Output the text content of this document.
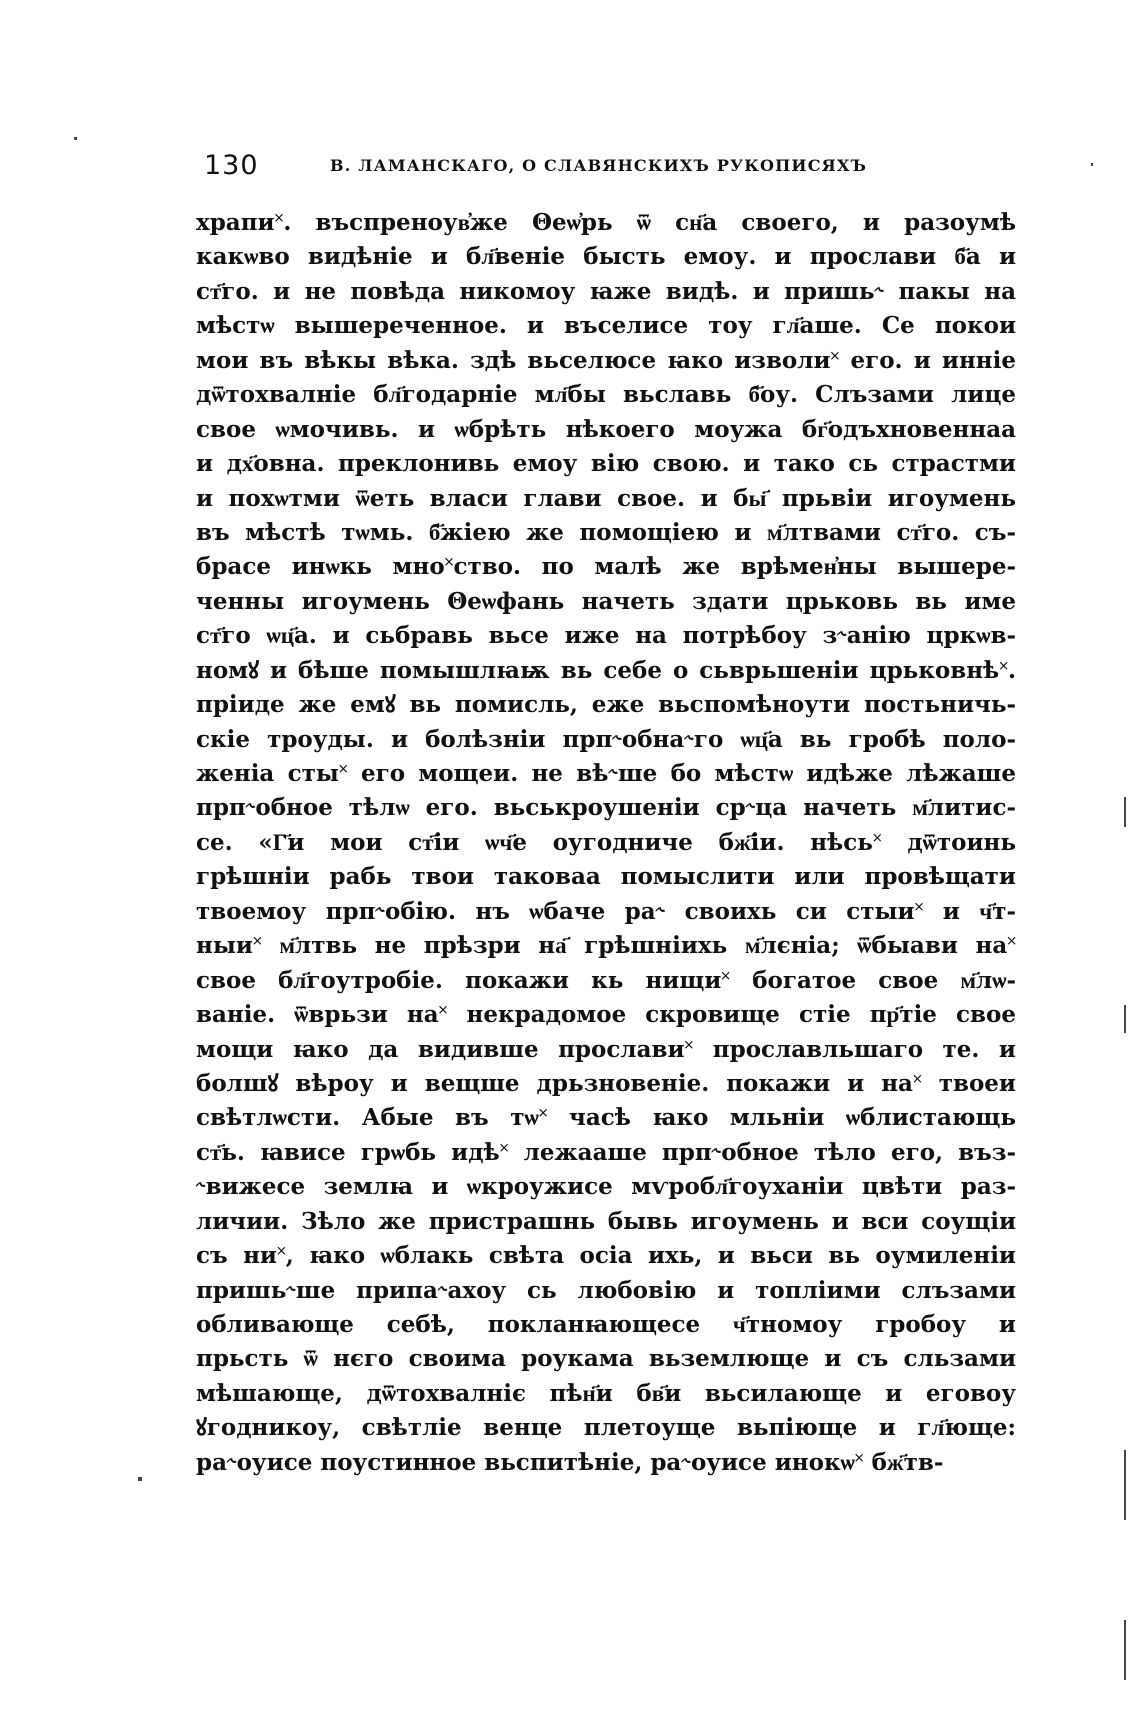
130	В. ЛАМАНСКАГО, О СЛАВЯНСКИХЪ РУКОПИСЯХЪ
храпи˟. въспреноув҆же Θеѡ҆рь ѿ сн҃а своего, и разоумѣ
какѡво видѣніе и бл҃веніе бысть емоу. и прослави б҃а и
ст҃го. и не повѣда никомоу ꙗже видѣ. и пришь˞ пакы на
мѣстѡ вышереченное. и въселисе тоу гл҃аше. Се покои
мои въ вѣкы вѣка. здѣ вьселюсе ꙗко изволи˟ его. и инніе
дѿтохвалніе бл҃годарніе мл҃бы вьславь б҃оу. Слъзами лице
свое ѡмочивь. и ѡбрѣть нѣкоего моужа бг҃одъхновеннаа
и дх҃овна. преклонивь емоу вію свою. и тако сь страстми
и похѡтми ѿеть власи глави свое. и бы҃ прьвіи игоумень
въ мѣстѣ тѡмь. б҃жіею же помощіею и м҃лтвами ст҃го. съ-
брасе инѡкь мно˟ство. по малѣ же врѣмен҆ны вышере-
ченны игоумень Θеѡфань начеть здати црьковь вь име
ст҃го ѡц҃а. и сьбравь вьсе иже на потрѣбоу з˞анію цркѡв-
номꙋ и бѣше помышлꙗѭ вь себе о сьврьшеніи црьковнѣ˟.
пріиде же емꙋ вь помисль, еже вьспомѣноути постьничь-
скіе троуды. и болѣзніи прп˞обна˞го ѡц҃а вь гробѣ поло-
женіа сты˟ его мощеи. не вѣ˞ше бо мѣстѡ идѣже лѣжаше
прп˞обное тѣлѡ его. вьськроушеніи ср˞ца начеть м҃литиc-
се. «Г҃и мои ст҃іи ѡч҃е оугодниче бж҃іи. нѣсь˟ дѿтоинь
грѣшніи рабь твои таковаа помыслити или провѣщати
твоемоу прп˞обію. нъ ѡбаче ра˞ своихь си стыи˟ и ч҃т-
ныи˟ м҃лтвь не прѣзри на҃ грѣшніихь м҃лєніа; ѿбыави на˟
свое бл҃гоутробіе. покажи кь нищи˟ богатое свое м҃лѡ-
ваніе. ѿврьзи на˟ некрадомое скровище стіе пр҃тіе свое
мощи ꙗко да видивше прослави˟ прославльшаго те. и
болшꙋ вѣроу и вещше дрьзновеніе. покажи и на˟ твоеи
свѣтлѡсти. Абые въ тѡ˟ часѣ ꙗко мльніи ѡблистающь
ст҃ь. ꙗвисе грѡбь идѣ˟ лежааше прп˞обное тѣло его, въз-
˞вижесе землꙗ и ѡкроужисе мѵробл҃гоуханіи цвѣти раз-
личии. Зѣло же пристрашнь бывь игоумень и вси соущіи
съ ни˟, ꙗко ѡблакь свѣта осіа ихь, и вьси вь оумиленіи
пришь˞ше припа˞ахоу сь любовію и топліими слъзами
обливающе себѣ, покланꙗющесе ч҃тномоу гробоу и
прьсть ѿ нєго своима роукама вьземлюще и съ сльзами
мѣшающе, дѿтохвалніє пѣн҃и бв҃и вьсилающе и еговоу
ꙋгодникоу, свѣтліе венце плетоуще вьпіюще и гл҃юще:
ра˞оуисе поустинное вьспитѣніе, ра˞оуисе инокѡ˟ бж҃тв-
